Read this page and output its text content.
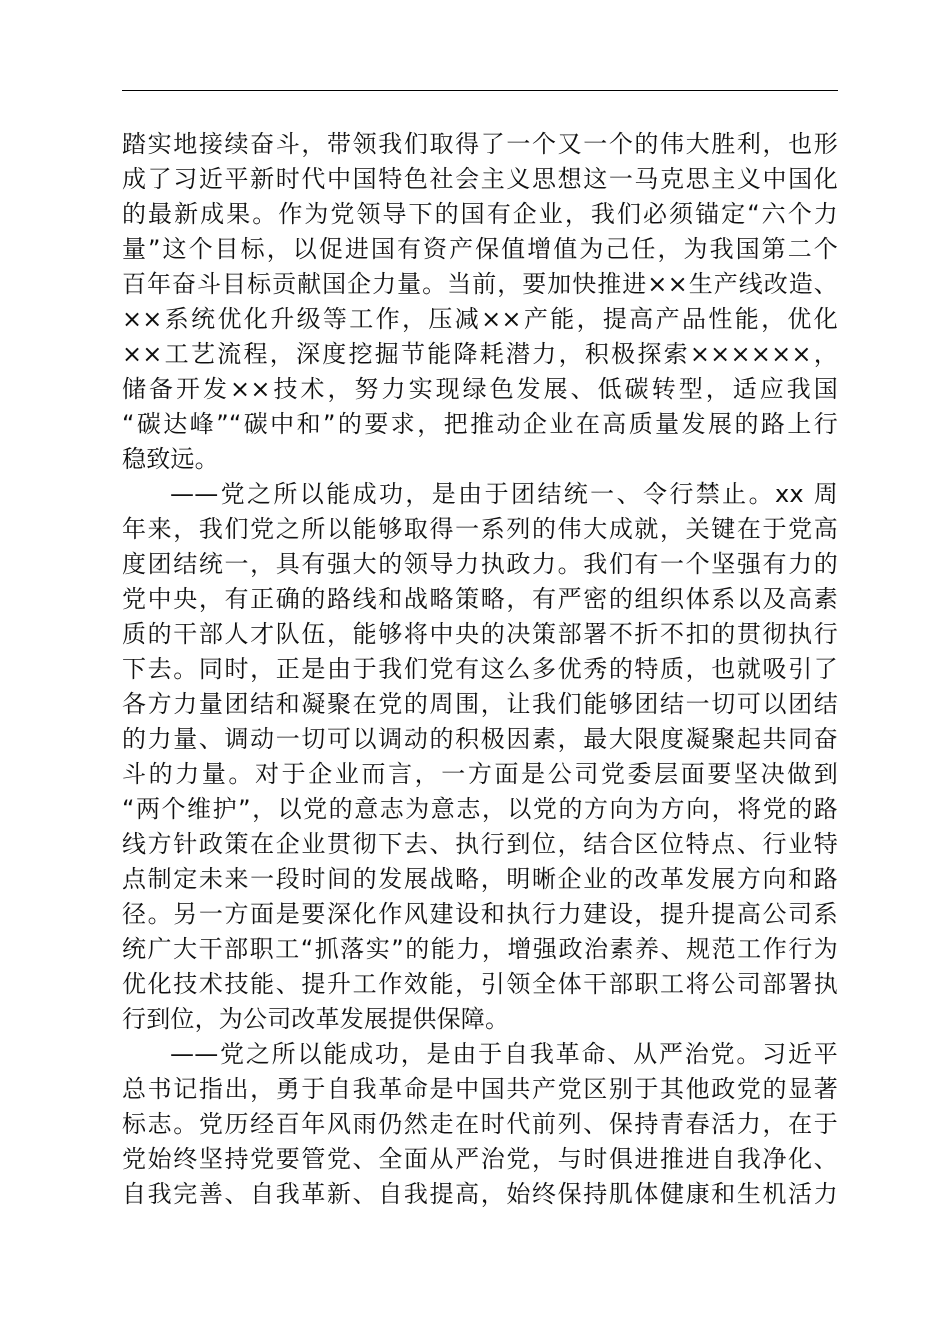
踏实地接续奋斗，带领我们取得了一个又一个的伟大胜利，也形
成了习近平新时代中国特色社会主义思想这一马克思主义中国化
的最新成果。作为党领导下的国有企业，我们必须锚定“六个力
量”这个目标，以促进国有资产保值增值为己任，为我国第二个
百年奋斗目标贡献国企力量。当前，要加快推进××生产线改造、
××系统优化升级等工作，压减××产能，提高产品性能，优化
××工艺流程，深度挖掘节能降耗潜力，积极探索××××××，
储备开发××技术，努力实现绿色发展、低碳转型，适应我国
“碳达峰”“碳中和”的要求，把推动企业在高质量发展的路上行
稳致远。
——党之所以能成功，是由于团结统一、令行禁止。xx 周
年来，我们党之所以能够取得一系列的伟大成就，关键在于党高
度团结统一，具有强大的领导力执政力。我们有一个坚强有力的
党中央，有正确的路线和战略策略，有严密的组织体系以及高素
质的干部人才队伍，能够将中央的决策部署不折不扣的贯彻执行
下去。同时，正是由于我们党有这么多优秀的特质，也就吸引了
各方力量团结和凝聚在党的周围，让我们能够团结一切可以团结
的力量、调动一切可以调动的积极因素，最大限度凝聚起共同奋
斗的力量。对于企业而言，一方面是公司党委层面要坚决做到
“两个维护”，以党的意志为意志，以党的方向为方向，将党的路
线方针政策在企业贯彻下去、执行到位，结合区位特点、行业特
点制定未来一段时间的发展战略，明晰企业的改革发展方向和路
径。另一方面是要深化作风建设和执行力建设，提升提高公司系
统广大干部职工“抓落实”的能力，增强政治素养、规范工作行为
优化技术技能、提升工作效能，引领全体干部职工将公司部署执
行到位，为公司改革发展提供保障。
——党之所以能成功，是由于自我革命、从严治党。习近平
总书记指出，勇于自我革命是中国共产党区别于其他政党的显著
标志。党历经百年风雨仍然走在时代前列、保持青春活力，在于
党始终坚持党要管党、全面从严治党，与时俱进推进自我净化、
自我完善、自我革新、自我提高，始终保持肌体健康和生机活力
